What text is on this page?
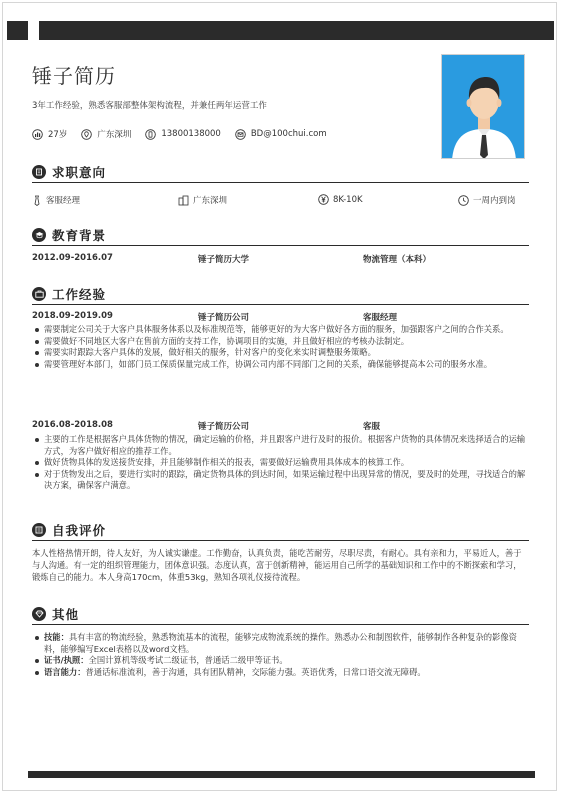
锤子简历
3年工作经验，熟悉客服部整体架构流程，并兼任两年运营工作
27岁	广东深圳	13800138000	BD@100chui.com
求职意向
客服经理	广东深圳	8K-10K	一周内到岗
教育背景
2012.09-2016.07	锤子简历大学	物流管理（本科）
工作经验
2018.09-2019.09	锤子简历公司	客服经理
需要制定公司关于大客户具体服务体系以及标准规范等，能够更好的为大客户做好各方面的服务，加强跟客户之间的合作关系。
需要做好不同地区大客户在售前方面的支持工作，协调项目的实施，并且做好相应的考核办法制定。
需要实时跟踪大客户具体的发展，做好相关的服务，针对客户的变化来实时调整服务策略。
需要管理好本部门，如部门员工保质保量完成工作，协调公司内部不同部门之间的关系，确保能够提高本公司的服务水准。
2016.08-2018.08	锤子简历公司	客服
主要的工作是根据客户具体货物的情况，确定运输的价格，并且跟客户进行及时的报价。根据客户货物的具体情况来选择适合的运输方式，为客户做好相应的推荐工作。
做好货物具体的发送接货安排，并且能够制作相关的报表，需要做好运输费用具体成本的核算工作。
对于货物发出之后，要进行实时的跟踪，确定货物具体的到达时间，如果运输过程中出现异常的情况，要及时的处理，寻找适合的解决方案，确保客户满意。
自我评价
本人性格热情开朗，待人友好，为人诚实谦虚。工作勤奋，认真负责，能吃苦耐劳，尽职尽责，有耐心。具有亲和力，平易近人，善于与人沟通。有一定的组织管理能力，团体意识强。态度认真，富于创新精神，能运用自己所学的基础知识和工作中的不断探索和学习，锻炼自己的能力。本人身高170cm，体重53kg，熟知各项礼仪接待流程。
其他
技能：具有丰富的物流经验，熟悉物流基本的流程，能够完成物流系统的操作。熟悉办公和制图软件，能够制作各种复杂的影像资料，能够编写Excel表格以及word文档。
证书/执照：全国计算机等级考试二级证书，普通话二级甲等证书。
语言能力：普通话标准流利，善于沟通，具有团队精神，交际能力强。英语优秀，日常口语交流无障碍。
